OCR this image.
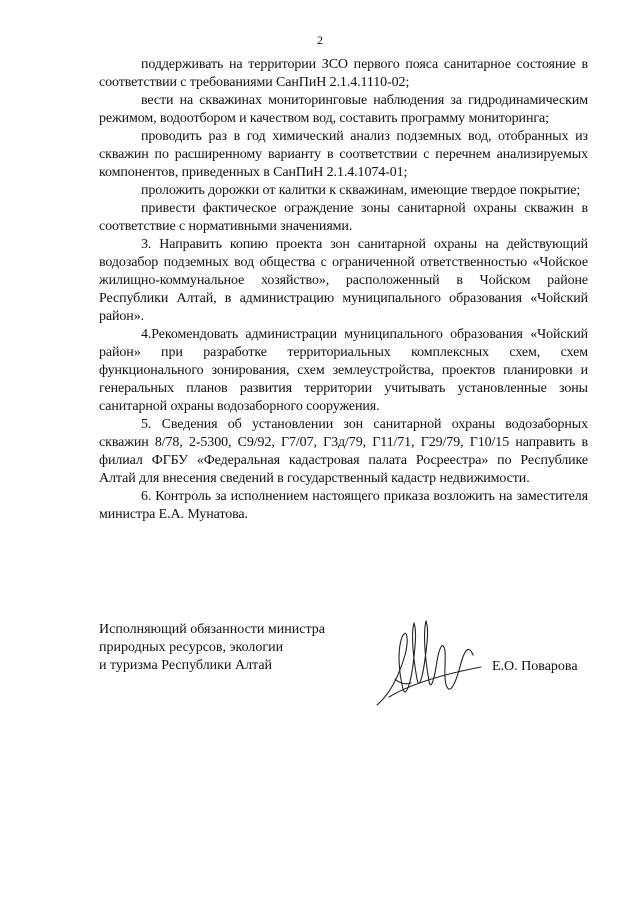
2

поддерживать на территории ЗСО первого пояса санитарное состояние в соответствии с требованиями СанПиН 2.1.4.1110-02;

вести на скважинах мониторинговые наблюдения за гидродинамическим режимом, водоотбором и качеством вод, составить программу мониторинга;

проводить раз в год химический анализ подземных вод, отобранных из скважин по расширенному варианту в соответствии с перечнем анализируемых компонентов, приведенных в СанПиН 2.1.4.1074-01;

проложить дорожки от калитки к скважинам, имеющие твердое покрытие;

привести фактическое ограждение зоны санитарной охраны скважин в соответствие с нормативными значениями.

3. Направить копию проекта зон санитарной охраны на действующий водозабор подземных вод общества с ограниченной ответственностью «Чойское жилищно-коммунальное хозяйство», расположенный в Чойском районе Республики Алтай, в администрацию муниципального образования «Чойский район».

4.Рекомендовать администрации муниципального образования «Чойский район» при разработке территориальных комплексных схем, схем функционального зонирования, схем землеустройства, проектов планировки и генеральных планов развития территории учитывать установленные зоны санитарной охраны водозаборного сооружения.

5. Сведения об установлении зон санитарной охраны водозаборных скважин 8/78, 2-5300, С9/92, Г7/07, Г3д/79, Г11/71, Г29/79, Г10/15 направить в филиал ФГБУ «Федеральная кадастровая палата Росреестра» по Республике Алтай для внесения сведений в государственный кадастр недвижимости.

6. Контроль за исполнением настоящего приказа возложить на заместителя министра Е.А. Мунатова.

Исполняющий обязанности министра
природных ресурсов, экологии
и туризма Республики Алтай	Е.О. Поварова
